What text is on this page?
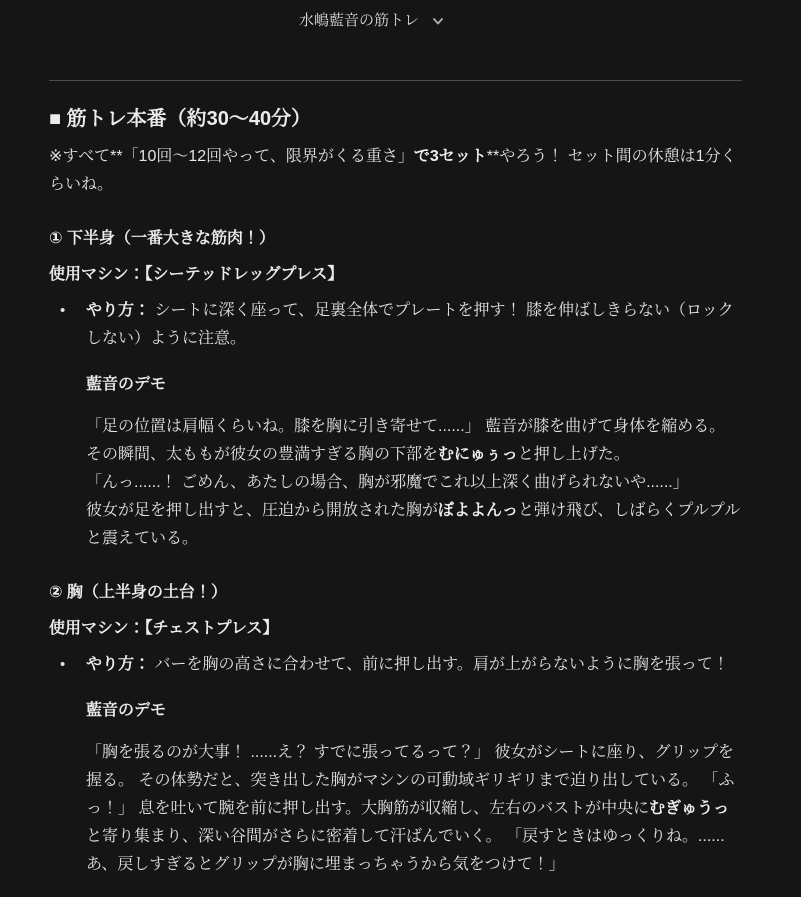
水嶋藍音の筋トレ
■ 筋トレ本番（約30〜40分）

※すべて**「10回〜12回やって、限界がくる重さ」で3セット**やろう！ セット間の休憩は1分くらいね。

① 下半身（一番大きな筋肉！）

使用マシン：【シーテッドレッグプレス】

• やり方： シートに深く座って、足裏全体でプレートを押す！ 膝を伸ばしきらない（ロックしない）ように注意。

藍音のデモ

「足の位置は肩幅くらいね。膝を胸に引き寄せて......」 藍音が膝を曲げて身体を縮める。 その瞬間、太ももが彼女の豊満すぎる胸の下部をむにゅぅっと押し上げた。
「んっ......！ ごめん、あたしの場合、胸が邪魔でこれ以上深く曲げられないや......」
彼女が足を押し出すと、圧迫から開放された胸がぼよよんっと弾け飛び、しばらくプルプルと震えている。

② 胸（上半身の土台！）

使用マシン：【チェストプレス】

• やり方： バーを胸の高さに合わせて、前に押し出す。肩が上がらないように胸を張って！

藍音のデモ

「胸を張るのが大事！ ......え？ すでに張ってるって？」 彼女がシートに座り、グリップを握る。 その体勢だと、突き出した胸がマシンの可動域ギリギリまで迫り出している。 「ふっ！」 息を吐いて腕を前に押し出す。大胸筋が収縮し、左右のバストが中央にむぎゅうっと寄り集まり、深い谷間がさらに密着して汗ばんでいく。 「戻すときはゆっくりね。......あ、戻しすぎるとグリップが胸に埋まっちゃうから気をつけて！」
